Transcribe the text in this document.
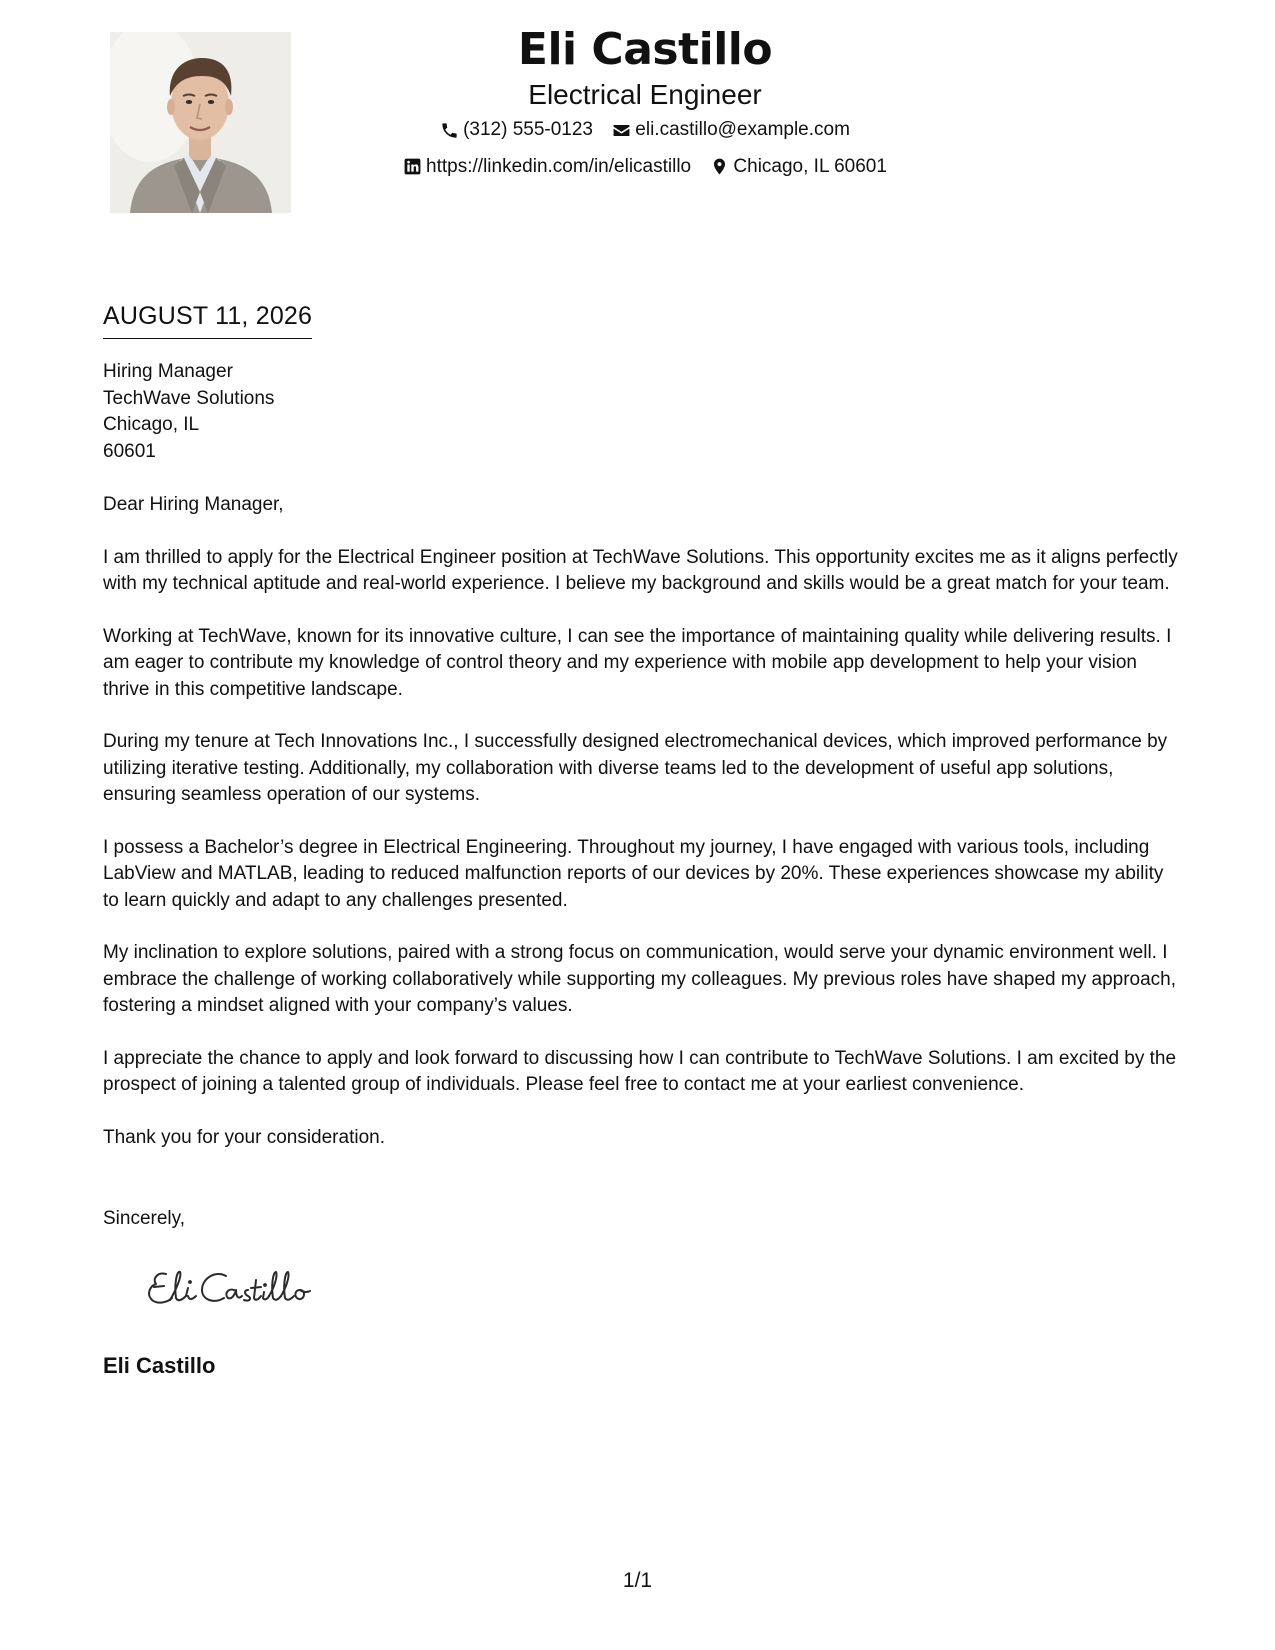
Eli Castillo
Electrical Engineer
(312) 555-0123
eli.castillo@example.com
https://linkedin.com/in/elicastillo
Chicago, IL 60601
AUGUST 11, 2026
Hiring Manager
TechWave Solutions
Chicago, IL
60601
Dear Hiring Manager,

I am thrilled to apply for the Electrical Engineer position at TechWave Solutions. This opportunity excites me as it aligns perfectly with my technical aptitude and real-world experience. I believe my background and skills would be a great match for your team.

Working at TechWave, known for its innovative culture, I can see the importance of maintaining quality while delivering results. I am eager to contribute my knowledge of control theory and my experience with mobile app development to help your vision thrive in this competitive landscape.

During my tenure at Tech Innovations Inc., I successfully designed electromechanical devices, which improved performance by utilizing iterative testing. Additionally, my collaboration with diverse teams led to the development of useful app solutions, ensuring seamless operation of our systems.

I possess a Bachelor’s degree in Electrical Engineering. Throughout my journey, I have engaged with various tools, including LabView and MATLAB, leading to reduced malfunction reports of our devices by 20%. These experiences showcase my ability to learn quickly and adapt to any challenges presented.

My inclination to explore solutions, paired with a strong focus on communication, would serve your dynamic environment well. I embrace the challenge of working collaboratively while supporting my colleagues. My previous roles have shaped my approach, fostering a mindset aligned with your company’s values.

I appreciate the chance to apply and look forward to discussing how I can contribute to TechWave Solutions. I am excited by the prospect of joining a talented group of individuals. Please feel free to contact me at your earliest convenience.

Thank you for your consideration.

Sincerely,
Eli Castillo
1/1
